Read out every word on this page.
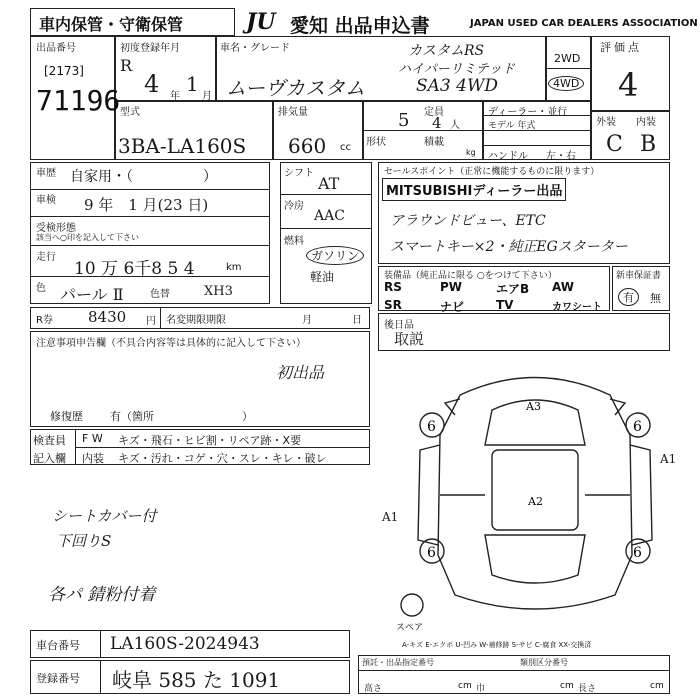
車内保管・守衛保管	JU 愛知 出品申込書	JAPAN USED CAR DEALERS ASSOCIATION
出品番号
[2173]
71196
初度登録年月
R
4 年
1
月
車名・グレード
ムーヴカスタム
カスタムRS
ハイパーリミテッド
SA3 4WD
2WD
4WD
評価点
4
外装 内装
C B
型式
3BA-LA160S
排気量
660 cc
定員
4 人
5
形状	積載
kg
ディーラー・並行
モデル 年式
ハンドル 左・右
車歴 自家用・（　　　　　）
車検 9 年　1 月(23 日)
受検形態
該当へ○印を記入して下さい
走行
10 万 6千8 5 4	km
色 パール Ⅱ	色替	XH3
シフト
AT
冷房
AAC
燃料
ガソリン
軽油
R券 8430 円 名変期限期限	月	日
セールスポイント（正常に機能するものに限ります）
MITSUBISHIディーラー出品
アラウンドビュー、ETC
スマートキー×2・純正EGスターター
装備品（純正品に限る ○をつけて下さい）
RS	PW	エアB	AW
SR	ナビ	TV	カワシート
新車保証書
有	無
注意事項申告欄（不具合内容等は具体的に記入して下さい）
初出品
修復歴 有（箇所　　　　　　　　）
検査員
記入欄
F W キズ・飛石・ヒビ割・リペア跡・X要
内装 キズ・汚れ・コゲ・穴・スレ・キレ・破レ
後日品
取説
シートカバー付
下回りS
各パ 錆粉付着
A3
A2
6	6
6	6
スペア
A1
A1
A-キズ E-エクボ U-凹み W-補修跡 S-サビ C-腐食 XX-交換済
車台番号 LA160S-2024943
登録番号 岐阜 585 た 1091
預託・出品指定番号	類別区分番号
高さ	cm 巾	cm 長さ	cm
